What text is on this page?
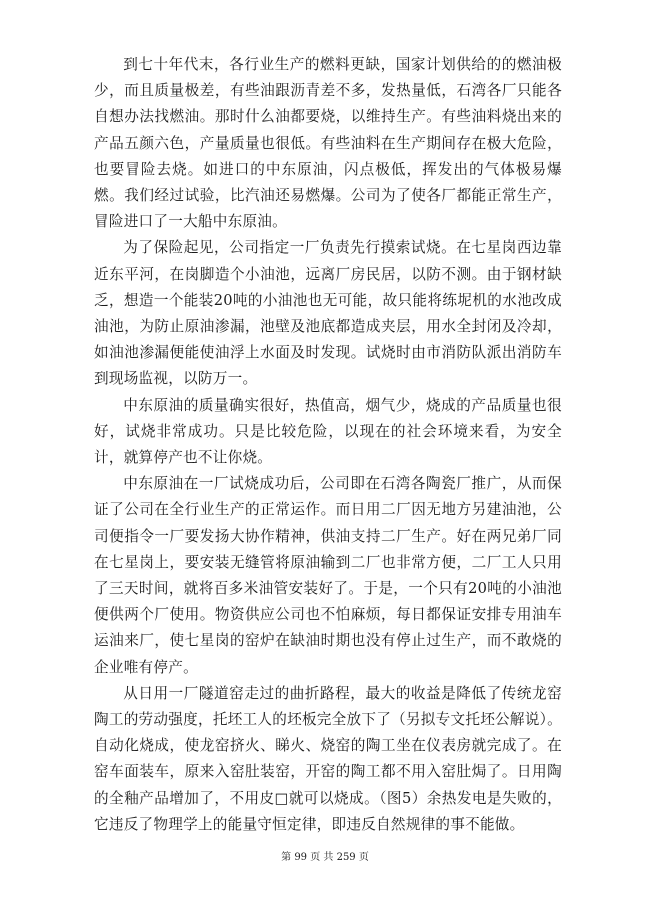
到七十年代末，各行业生产的燃料更缺，国家计划供给的的燃油极少，而且质量极差，有些油跟沥青差不多，发热量低，石湾各厂只能各自想办法找燃油。那时什么油都要烧，以维持生产。有些油料烧出来的产品五颜六色，产量质量也很低。有些油料在生产期间存在极大危险，也要冒险去烧。如进口的中东原油，闪点极低，挥发出的气体极易爆燃。我们经过试验，比汽油还易燃爆。公司为了使各厂都能正常生产，冒险进口了一大船中东原油。

为了保险起见，公司指定一厂负责先行摸索试烧。在七星岗西边靠近东平河，在岗脚造个小油池，远离厂房民居，以防不测。由于钢材缺乏，想造一个能装20吨的小油池也无可能，故只能将练坭机的水池改成油池，为防止原油渗漏，池壁及池底都造成夹层，用水全封闭及冷却，如油池渗漏便能使油浮上水面及时发现。试烧时由市消防队派出消防车到现场监视，以防万一。

中东原油的质量确实很好，热值高，烟气少，烧成的产品质量也很好，试烧非常成功。只是比较危险，以现在的社会环境来看，为安全计，就算停产也不让你烧。

中东原油在一厂试烧成功后，公司即在石湾各陶瓷厂推广，从而保证了公司在全行业生产的正常运作。而日用二厂因无地方另建油池，公司便指令一厂要发扬大协作精神，供油支持二厂生产。好在两兄弟厂同在七星岗上，要安装无缝管将原油输到二厂也非常方便，二厂工人只用了三天时间，就将百多米油管安装好了。于是，一个只有20吨的小油池便供两个厂使用。物资供应公司也不怕麻烦，每日都保证安排专用油车运油来厂，使七星岗的窑炉在缺油时期也没有停止过生产，而不敢烧的企业唯有停产。

从日用一厂隧道窑走过的曲折路程，最大的收益是降低了传统龙窑陶工的劳动强度，托坯工人的坯板完全放下了（另拟专文托坯公解说）。自动化烧成，使龙窑挤火、睇火、烧窑的陶工坐在仪表房就完成了。在窑车面装车，原来入窑肚装窑，开窑的陶工都不用入窑肚焗了。日用陶的全釉产品增加了，不用皮□就可以烧成。（图5）余热发电是失败的，它违反了物理学上的能量守恒定律，即违反自然规律的事不能做。

第 99 页 共 259 页
